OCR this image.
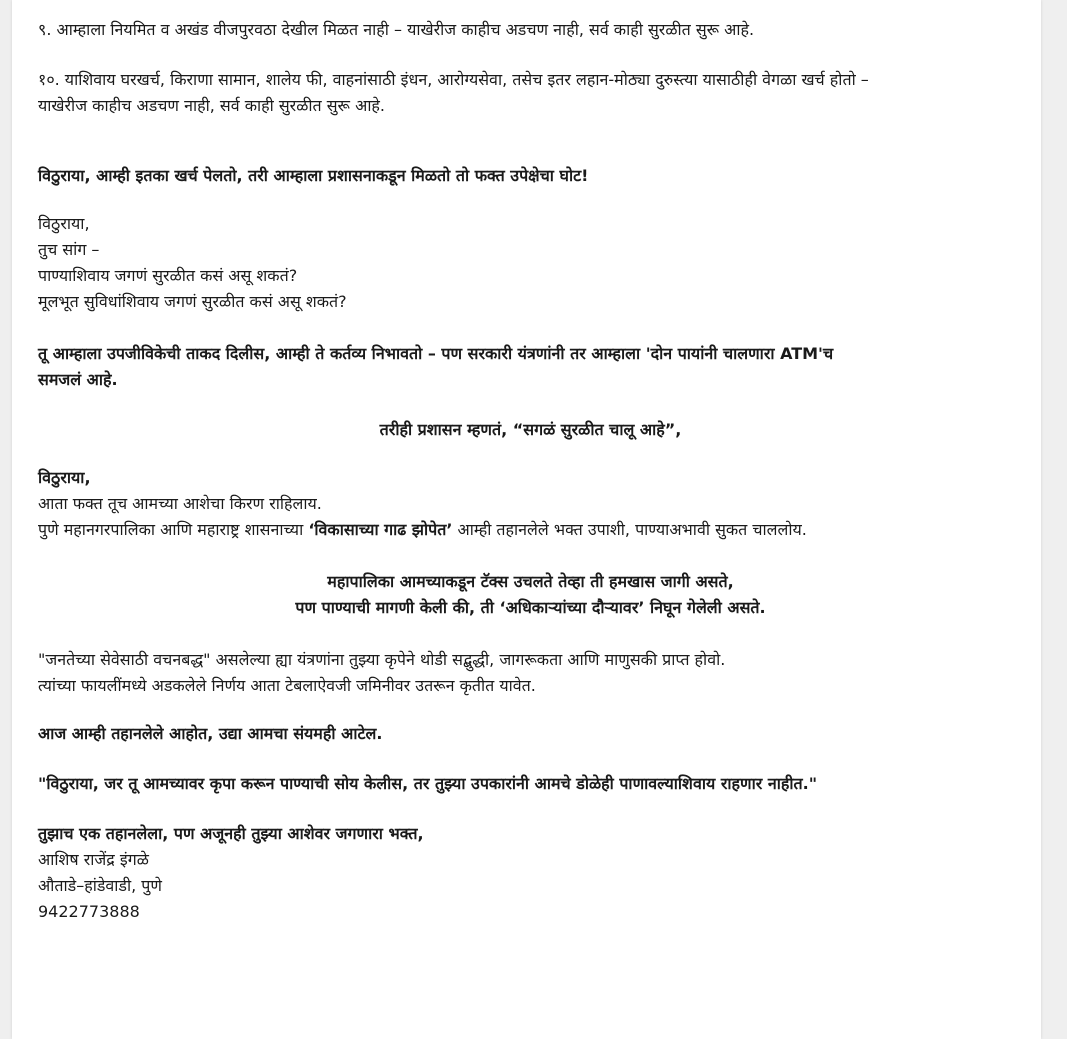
९. आम्हाला नियमित व अखंड वीजपुरवठा देखील मिळत नाही – याखेरीज काहीच अडचण नाही, सर्व काही सुरळीत सुरू आहे.
१०. याशिवाय घरखर्च, किराणा सामान, शालेय फी, वाहनांसाठी इंधन, आरोग्यसेवा, तसेच इतर लहान-मोठ्या दुरुस्त्या यासाठीही वेगळा खर्च होतो –
याखेरीज काहीच अडचण नाही, सर्व काही सुरळीत सुरू आहे.
विठुराया, आम्ही इतका खर्च पेलतो, तरी आम्हाला प्रशासनाकडून मिळतो तो फक्त उपेक्षेचा घोट!
विठुराया,
तुच सांग –
पाण्याशिवाय जगणं सुरळीत कसं असू शकतं?
मूलभूत सुविधांशिवाय जगणं सुरळीत कसं असू शकतं?
तू आम्हाला उपजीविकेची ताकद दिलीस, आम्ही ते कर्तव्य निभावतो – पण सरकारी यंत्रणांनी तर आम्हाला 'दोन पायांनी चालणारा ATM'च
समजलं आहे.
तरीही प्रशासन म्हणतं, “सगळं सुरळीत चालू आहे”,
विठुराया,
आता फक्त तूच आमच्या आशेचा किरण राहिलाय.
पुणे महानगरपालिका आणि महाराष्ट्र शासनाच्या ‘विकासाच्या गाढ झोपेत’ आम्ही तहानलेले भक्त उपाशी, पाण्याअभावी सुकत चाललोय.
महापालिका आमच्याकडून टॅक्स उचलते तेव्हा ती हमखास जागी असते,
पण पाण्याची मागणी केली की, ती ‘अधिकाऱ्यांच्या दौऱ्यावर’ निघून गेलेली असते.
"जनतेच्या सेवेसाठी वचनबद्ध" असलेल्या ह्या यंत्रणांना तुझ्या कृपेने थोडी सद्बुद्धी, जागरूकता आणि माणुसकी प्राप्त होवो.
त्यांच्या फायलींमध्ये अडकलेले निर्णय आता टेबलाऐवजी जमिनीवर उतरून कृतीत यावेत.
आज आम्ही तहानलेले आहोत, उद्या आमचा संयमही आटेल.
"विठुराया, जर तू आमच्यावर कृपा करून पाण्याची सोय केलीस, तर तुझ्या उपकारांनी आमचे डोळेही पाणावल्याशिवाय राहणार नाहीत."
तुझाच एक तहानलेला, पण अजूनही तुझ्या आशेवर जगणारा भक्त,
आशिष राजेंद्र इंगळे
औताडे–हांडेवाडी, पुणे
9422773888
